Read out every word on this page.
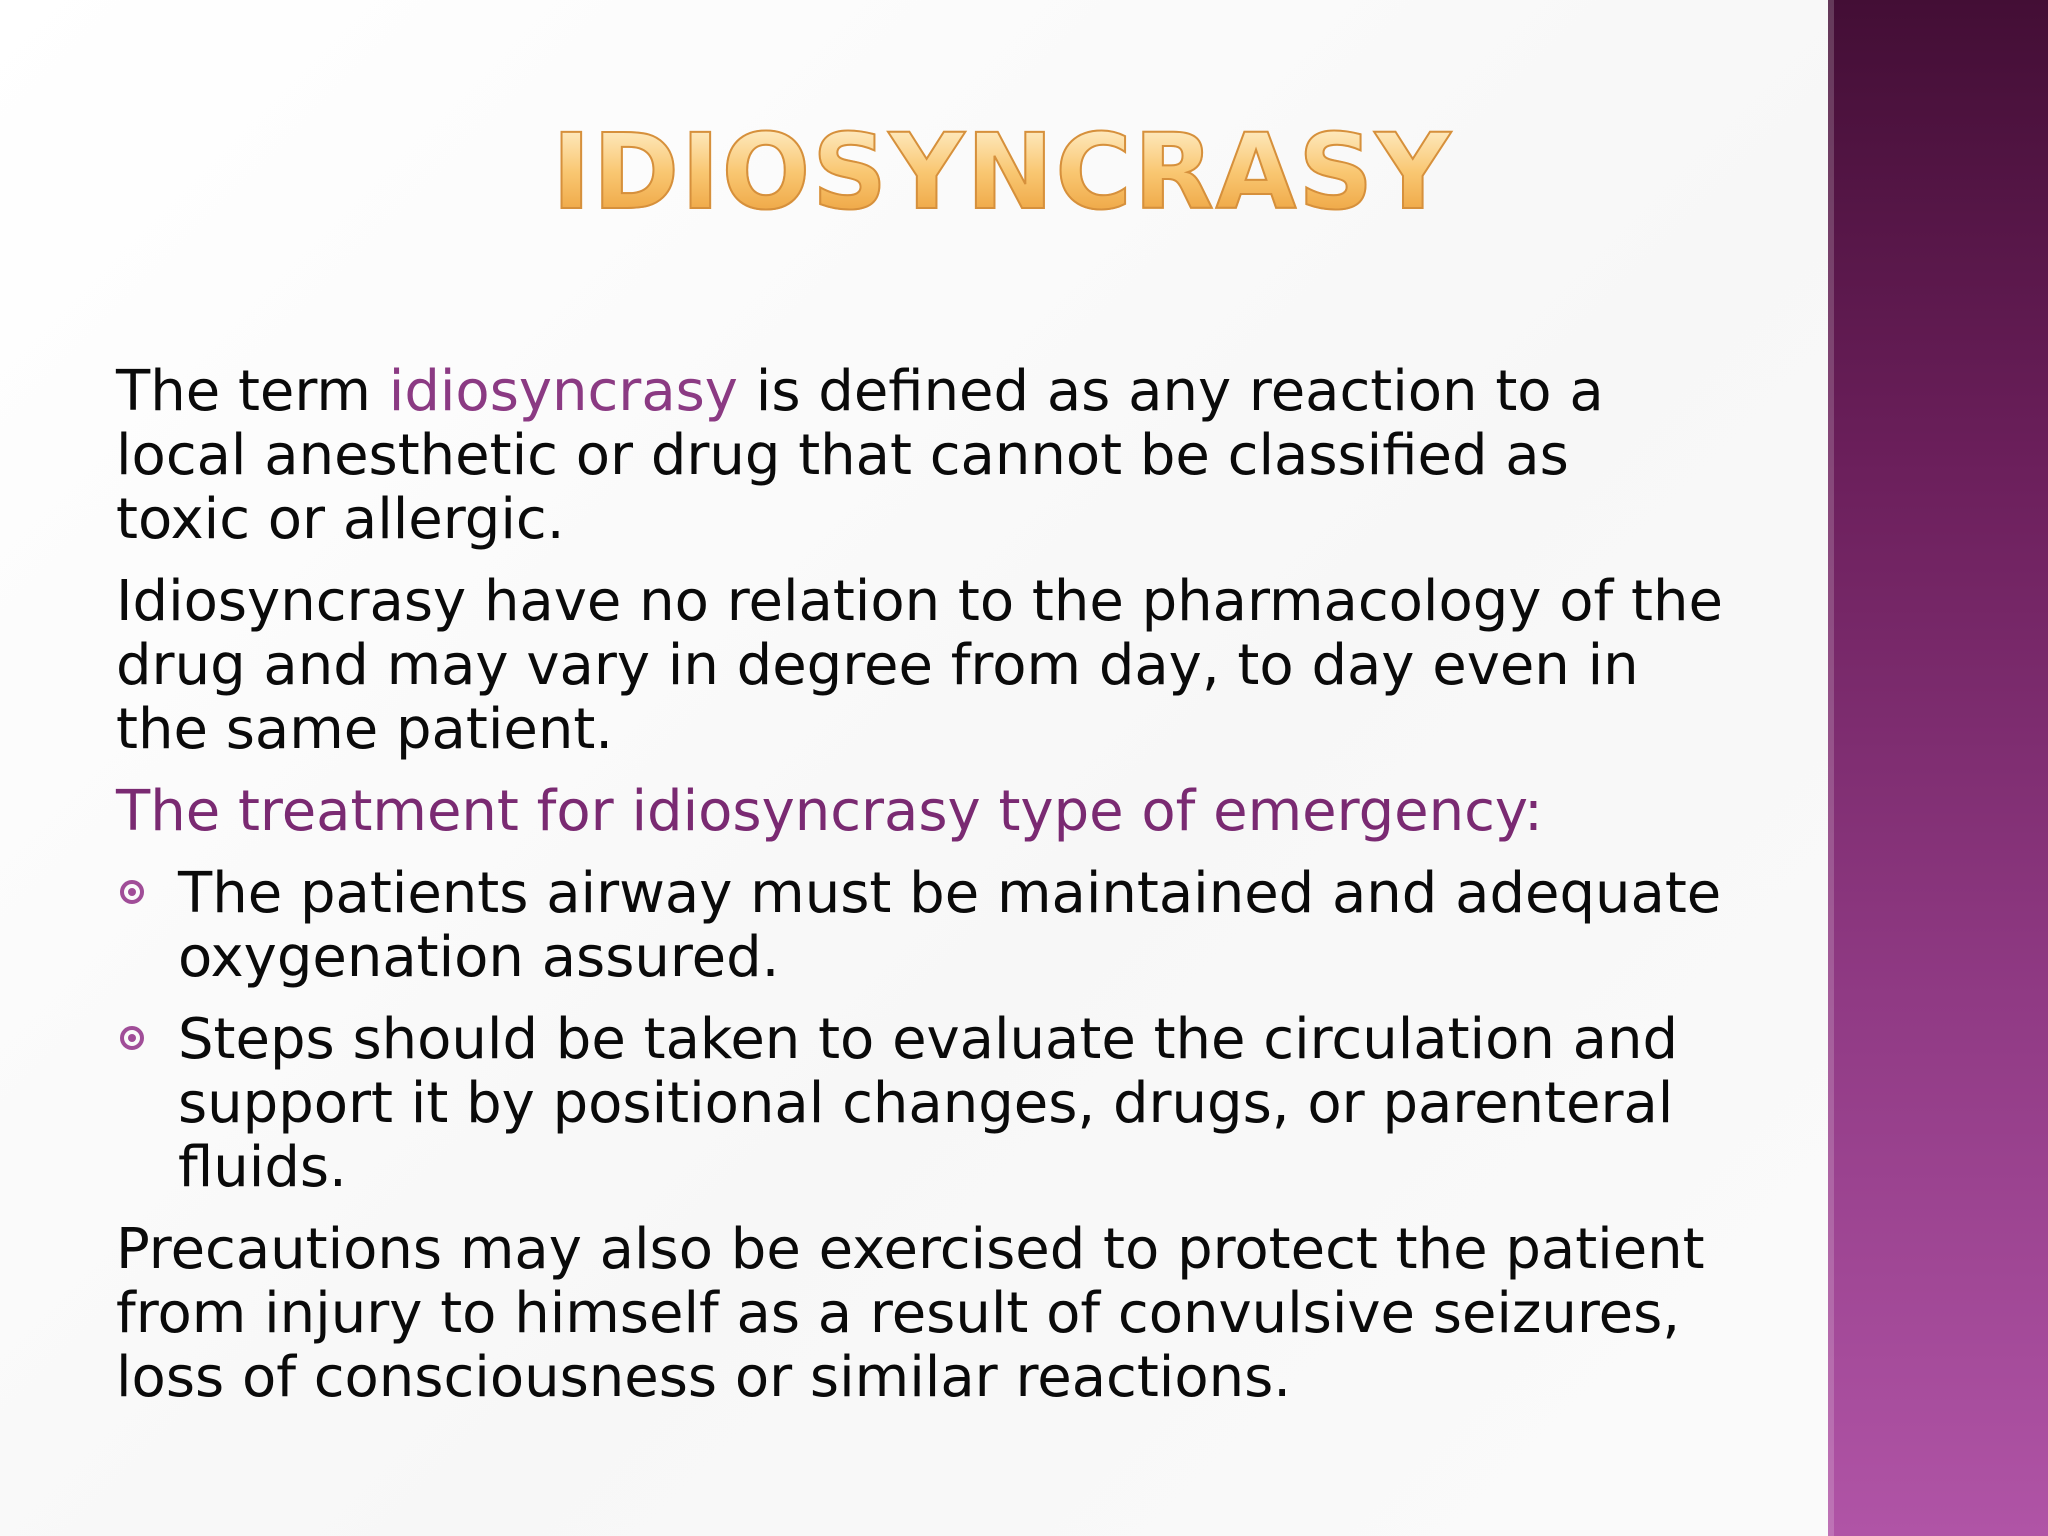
IDIOSYNCRASY

The term idiosyncrasy is defined as any reaction to a
local anesthetic or drug that cannot be classified as
toxic or allergic.

Idiosyncrasy have no relation to the pharmacology of the
drug and may vary in degree from day, to day even in
the same patient.

The treatment for idiosyncrasy type of emergency:

The patients airway must be maintained and adequate
oxygenation assured.
Steps should be taken to evaluate the circulation and
support it by positional changes, drugs, or parenteral
fluids.

Precautions may also be exercised to protect the patient
from injury to himself as a result of convulsive seizures,
loss of consciousness or similar reactions.
